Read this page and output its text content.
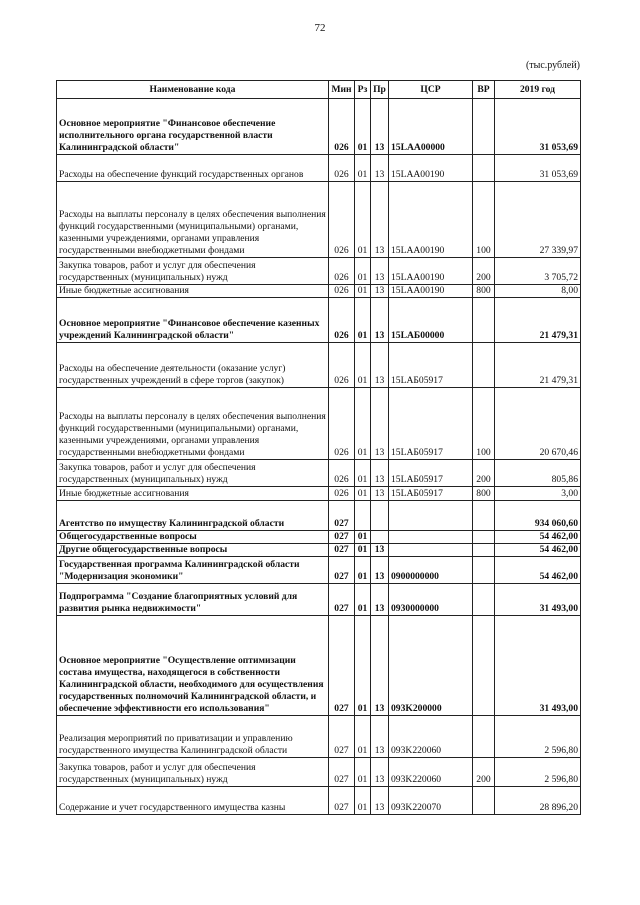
72
(тыс.рублей)
Наименование кода	Мин	Рз	Пр	ЦСР	ВР	2019 год
Основное мероприятие "Финансовое обеспечение исполнительного органа государственной власти Калининградской области"	026	01	13	15LAA00000		31 053,69
Расходы на обеспечение функций государственных органов	026	01	13	15LAA00190		31 053,69
Расходы на выплаты персоналу в целях обеспечения выполнения функций государственными (муниципальными) органами, казенными учреждениями, органами управления государственными внебюджетными фондами	026	01	13	15LAA00190	100	27 339,97
Закупка товаров, работ и услуг для обеспечения государственных (муниципальных) нужд	026	01	13	15LAA00190	200	3 705,72
Иные бюджетные ассигнования	026	01	13	15LAA00190	800	8,00
Основное мероприятие "Финансовое обеспечение казенных учреждений Калининградской области"	026	01	13	15LAБ00000		21 479,31
Расходы на обеспечение деятельности (оказание услуг) государственных учреждений в сфере торгов (закупок)	026	01	13	15LAБ05917		21 479,31
Расходы на выплаты персоналу в целях обеспечения выполнения функций государственными (муниципальными) органами, казенными учреждениями, органами управления государственными внебюджетными фондами	026	01	13	15LAБ05917	100	20 670,46
Закупка товаров, работ и услуг для обеспечения государственных (муниципальных) нужд	026	01	13	15LAБ05917	200	805,86
Иные бюджетные ассигнования	026	01	13	15LAБ05917	800	3,00
Агентство по имуществу Калининградской области	027					934 060,60
Общегосударственные вопросы	027	01				54 462,00
Другие общегосударственные вопросы	027	01	13			54 462,00
Государственная программа Калининградской области "Модернизация экономики"	027	01	13	0900000000		54 462,00
Подпрограмма "Создание благоприятных условий для развития рынка недвижимости"	027	01	13	0930000000		31 493,00
Основное мероприятие "Осуществление оптимизации состава имущества, находящегося в собственности Калининградской области, необходимого для осуществления государственных полномочий Калининградской области, и обеспечение эффективности его использования"	027	01	13	093K200000		31 493,00
Реализация мероприятий по приватизации и управлению государственного имущества Калининградской области	027	01	13	093K220060		2 596,80
Закупка товаров, работ и услуг для обеспечения государственных (муниципальных) нужд	027	01	13	093K220060	200	2 596,80
Содержание и учет государственного имущества казны	027	01	13	093K220070		28 896,20
